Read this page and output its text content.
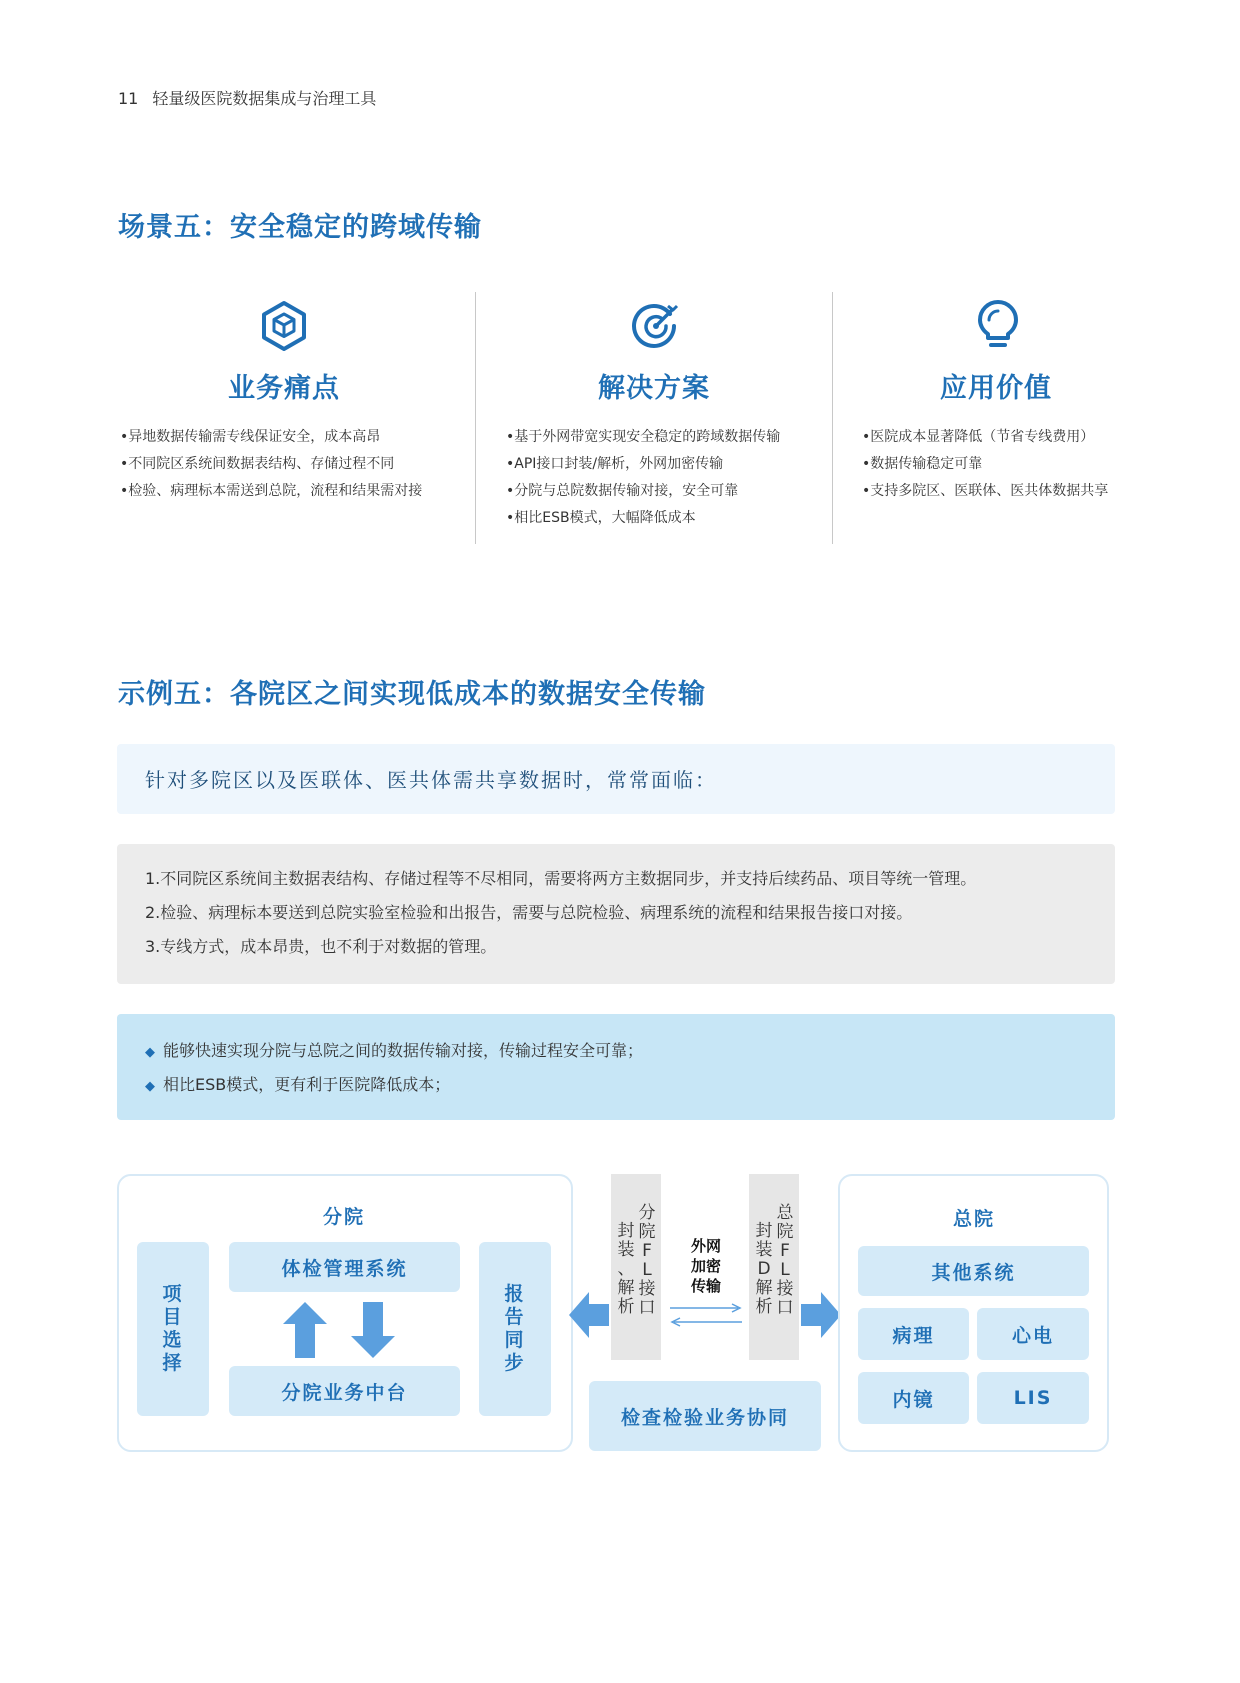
11 轻量级医院数据集成与治理工具
场景五：安全稳定的跨域传输
业务痛点
•异地数据传输需专线保证安全，成本高昂
•不同院区系统间数据表结构、存储过程不同
•检验、病理标本需送到总院，流程和结果需对接
解决方案
•基于外网带宽实现安全稳定的跨域数据传输
•API接口封装/解析，外网加密传输
•分院与总院数据传输对接，安全可靠
•相比ESB模式，大幅降低成本
应用价值
•医院成本显著降低（节省专线费用）
•数据传输稳定可靠
•支持多院区、医联体、医共体数据共享
示例五：各院区之间实现低成本的数据安全传输
针对多院区以及医联体、医共体需共享数据时，常常面临：

1.不同院区系统间主数据表结构、存储过程等不尽相同，需要将两方主数据同步，并支持后续药品、项目等统一管理。

2.检验、病理标本要送到总院实验室检验和出报告，需要与总院检验、病理系统的流程和结果报告接口对接。

3.专线方式，成本昂贵，也不利于对数据的管理。

◆ 能够快速实现分院与总院之间的数据传输对接，传输过程安全可靠；

◆ 相比ESB模式，更有利于医院降低成本；

分院
项
目
选
择
体检管理系统
分院业务中台
报
告
同
步
分
院
F
L
接
口
封
装
、
解
析
外网
加密
传输
总
院
F
L
接
口
封
装
D
解
析
检查检验业务协同
总院
其他系统
病理	心电
内镜	LIS
